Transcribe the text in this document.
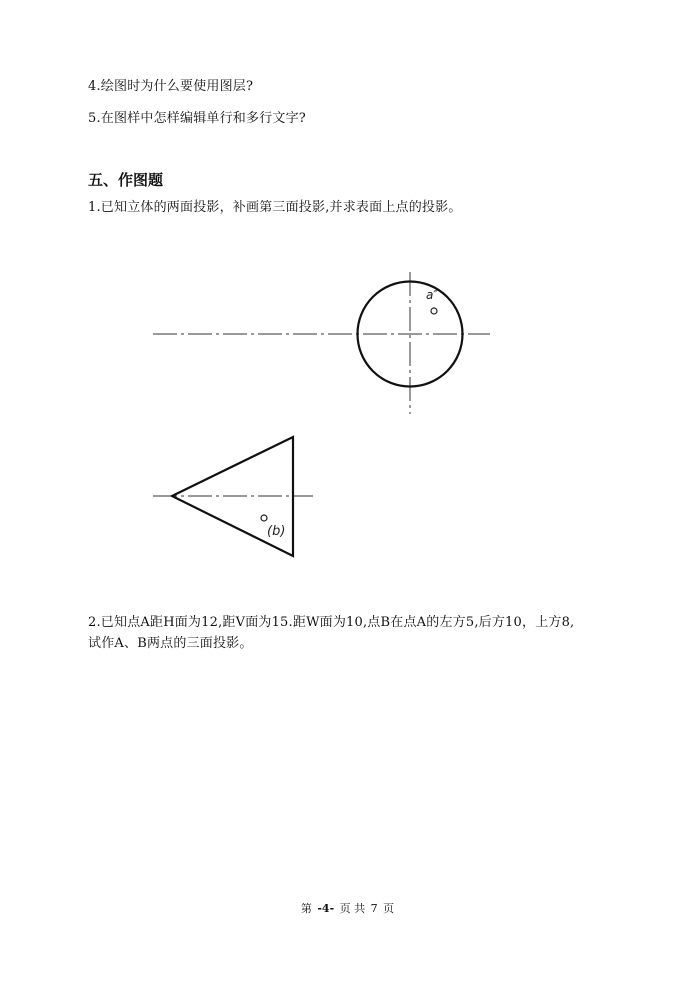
4.绘图时为什么要使用图层?
5.在图样中怎样编辑单行和多行文字?
五、作图题
1.已知立体的两面投影，补画第三面投影,并求表面上点的投影。
a″
(b)
2.已知点A距H面为12,距V面为15.距W面为10,点B在点A的左方5,后方10，上方8,
试作A、B两点的三面投影。
第 -4- 页 共 7 页
